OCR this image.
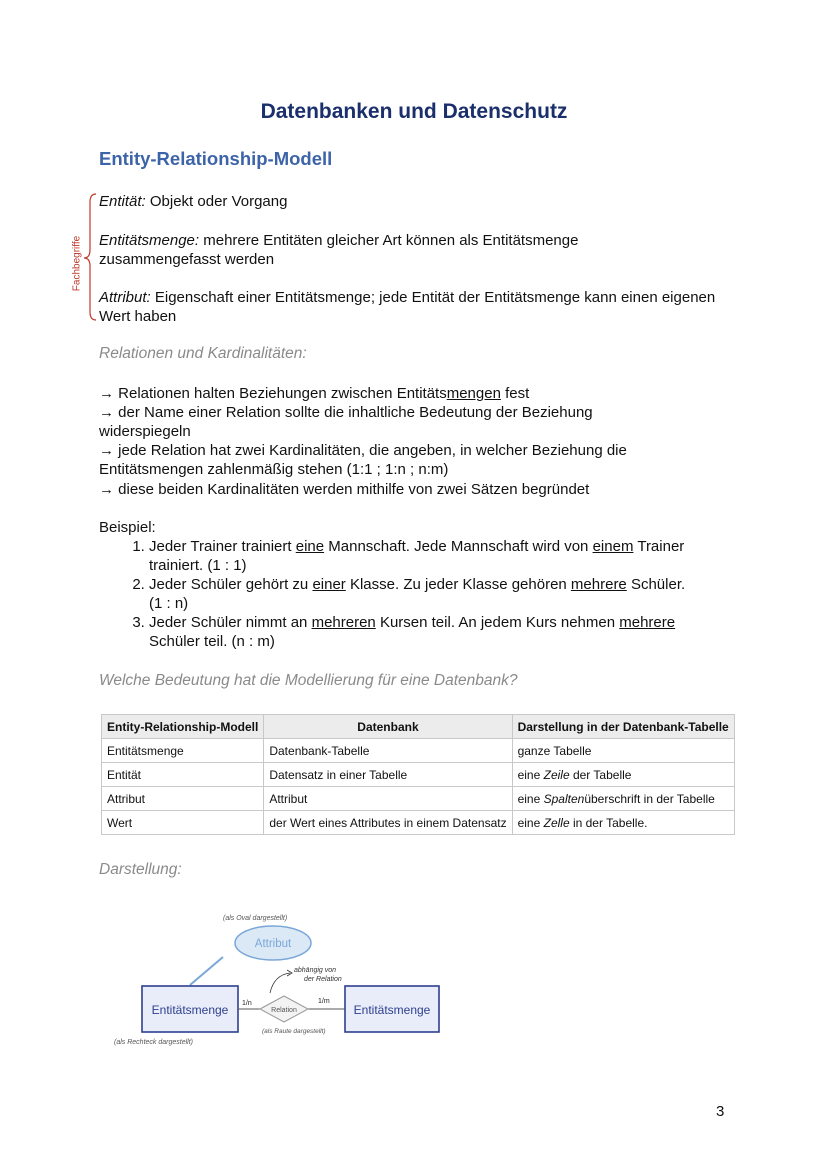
Datenbanken und Datenschutz
Entity-Relationship-Modell
Fachbegriffe

Entität: Objekt oder Vorgang

Entitätsmenge: mehrere Entitäten gleicher Art können als Entitätsmenge zusammengefasst werden

Attribut: Eigenschaft einer Entitätsmenge; jede Entität der Entitätsmenge kann einen eigenen Wert haben

Relationen und Kardinalitäten:

→ Relationen halten Beziehungen zwischen Entitätsmengen fest

→ der Name einer Relation sollte die inhaltliche Bedeutung der Beziehung widerspiegeln

→ jede Relation hat zwei Kardinalitäten, die angeben, in welcher Beziehung die Entitätsmengen zahlenmäßig stehen (1:1 ; 1:n ; n:m)

→ diese beiden Kardinalitäten werden mithilfe von zwei Sätzen begründet

Beispiel:
1. Jeder Trainer trainiert eine Mannschaft. Jede Mannschaft wird von einem Trainer trainiert. (1 : 1)
2. Jeder Schüler gehört zu einer Klasse. Zu jeder Klasse gehören mehrere Schüler. (1 : n)
3. Jeder Schüler nimmt an mehreren Kursen teil. An jedem Kurs nehmen mehrere Schüler teil. (n : m)
Welche Bedeutung hat die Modellierung für eine Datenbank?
Entity-Relationship-Modell	Datenbank	Darstellung in der Datenbank-Tabelle
Entitätsmenge	Datenbank-Tabelle	ganze Tabelle
Entität	Datensatz in einer Tabelle	eine Zeile der Tabelle
Attribut	Attribut	eine Spaltenüberschrift in der Tabelle
Wert	der Wert eines Attributes in einem Datensatz	eine Zelle in der Tabelle.
Darstellung:
Attribut
(als Oval dargestellt)
Entitätsmenge	Entitätsmenge
Relation
1/n	1/m
abhängig von
der Relation
(als Rechteck dargestellt)
(als Raute dargestellt)
3
